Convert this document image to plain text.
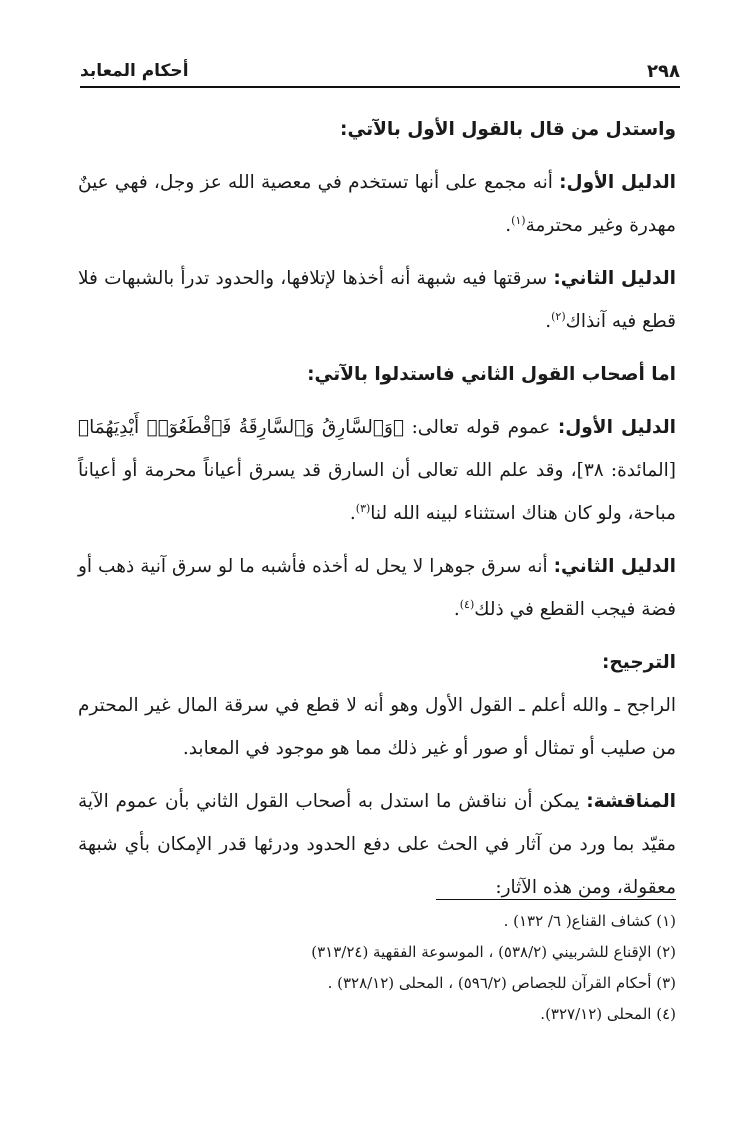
٢٩٨
أحكام المعابد

واستدل من قال بالقول الأول بالآتي:

الدليل الأول: أنه مجمع على أنها تستخدم في معصية الله عز وجل، فهي عينٌ مهدرة وغير محترمة$^{(١)}$.

الدليل الثاني: سرقتها فيه شبهة أنه أخذها لإتلافها، والحدود تدرأ بالشبهات فلا قطع فيه آنذاك$^{(٢)}$.

اما أصحاب القول الثاني فاستدلوا بالآتي:

الدليل الأول: عموم قوله تعالى: ﴿وَٱلسَّارِقُ وَٱلسَّارِقَةُ فَٱقْطَعُوٓا۟ أَيْدِيَهُمَا﴾ [المائدة: ٣٨]، وقد علم الله تعالى أن السارق قد يسرق أعياناً محرمة أو أعياناً مباحة، ولو كان هناك استثناء لبينه الله لنا$^{(٣)}$.

الدليل الثاني: أنه سرق جوهرا لا يحل له أخذه فأشبه ما لو سرق آنية ذهب أو فضة فيجب القطع في ذلك$^{(٤)}$.

الترجيح:

الراجح ـ والله أعلم ـ القول الأول وهو أنه لا قطع في سرقة المال غير المحترم من صليب أو تمثال أو صور أو غير ذلك مما هو موجود في المعابد.

المناقشة: يمكن أن نناقش ما استدل به أصحاب القول الثاني بأن عموم الآية مقيّد بما ورد من آثار في الحث على دفع الحدود ودرئها قدر الإمكان بأي شبهة معقولة، ومن هذه الآثار:

(١) كشاف القناع( ٦/ ١٣٢) .
(٢) الإقناع للشربيني (٥٣٨/٢) ، الموسوعة الفقهية (٣١٣/٢٤)
(٣) أحكام القرآن للجصاص (٥٩٦/٢) ، المحلى (٣٢٨/١٢) .
(٤) المحلى (٣٢٧/١٢).
